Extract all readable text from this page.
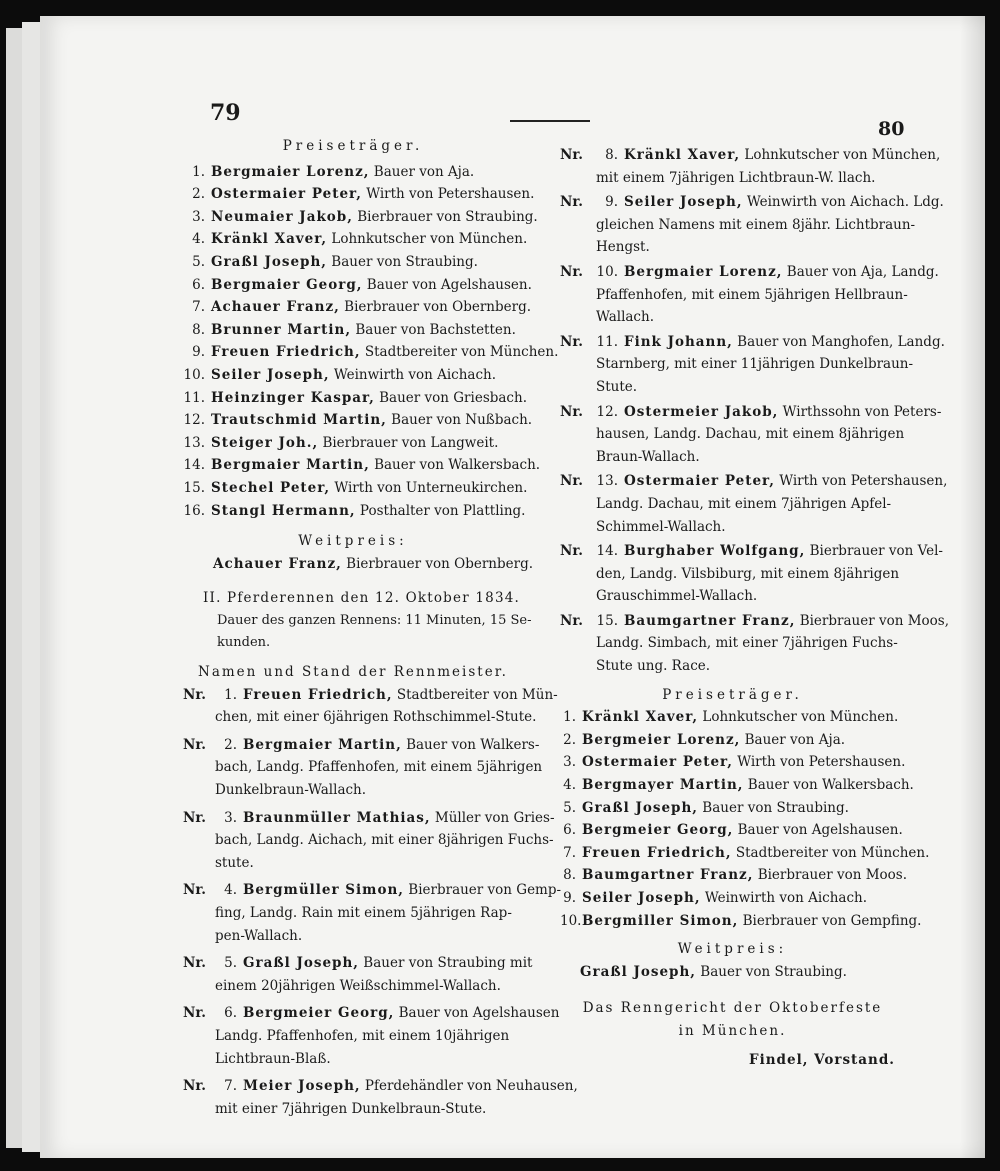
79
80
Preiseträger.
1. Bergmaier Lorenz, Bauer von Aja.
2. Ostermaier Peter, Wirth von Petershausen.
3. Neumaier Jakob, Bierbrauer von Straubing.
4. Kränkl Xaver, Lohnkutscher von München.
5. Graßl Joseph, Bauer von Straubing.
6. Bergmaier Georg, Bauer von Agelshausen.
7. Achauer Franz, Bierbrauer von Obernberg.
8. Brunner Martin, Bauer von Bachstetten.
9. Freuen Friedrich, Stadtbereiter von München.
10. Seiler Joseph, Weinwirth von Aichach.
11. Heinzinger Kaspar, Bauer von Griesbach.
12. Trautschmid Martin, Bauer von Nußbach.
13. Steiger Joh., Bierbrauer von Langweit.
14. Bergmaier Martin, Bauer von Walkersbach.
15. Stechel Peter, Wirth von Unterneukirchen.
16. Stangl Hermann, Posthalter von Plattling.
Weitpreis:
Achauer Franz, Bierbrauer von Obernberg.
II. Pferderennen den 12. Oktober 1834.
Dauer des ganzen Rennens: 11 Minuten, 15 Se-
kunden.
Namen und Stand der Rennmeister.
Nr.	1. Freuen Friedrich, Stadtbereiter von Mün-
chen, mit einer 6jährigen Rothschimmel-Stute.
Nr.	2. Bergmaier Martin, Bauer von Walkers-
bach, Landg. Pfaffenhofen, mit einem 5jährigen
Dunkelbraun-Wallach.
Nr.	3. Braunmüller Mathias, Müller von Gries-
bach, Landg. Aichach, mit einer 8jährigen Fuchs-
stute.
Nr.	4. Bergmüller Simon, Bierbrauer von Gemp-
fing, Landg. Rain mit einem 5jährigen Rap-
pen-Wallach.
Nr.	5. Graßl Joseph, Bauer von Straubing mit
einem 20jährigen Weißschimmel-Wallach.
Nr.	6. Bergmeier Georg, Bauer von Agelshausen
Landg. Pfaffenhofen, mit einem 10jährigen
Lichtbraun-Blaß.
Nr.	7. Meier Joseph, Pferdehändler von Neuhausen,
mit einer 7jährigen Dunkelbraun-Stute.
Nr.	8. Kränkl Xaver, Lohnkutscher von München,
mit einem 7jährigen Lichtbraun-W. llach.
Nr.	9. Seiler Joseph, Weinwirth von Aichach. Ldg.
gleichen Namens mit einem 8jähr. Lichtbraun-
Hengst.
Nr.	10. Bergmaier Lorenz, Bauer von Aja, Landg.
Pfaffenhofen, mit einem 5jährigen Hellbraun-
Wallach.
Nr.	11. Fink Johann, Bauer von Manghofen, Landg.
Starnberg, mit einer 11jährigen Dunkelbraun-
Stute.
Nr.	12. Ostermeier Jakob, Wirthssohn von Peters-
hausen, Landg. Dachau, mit einem 8jährigen
Braun-Wallach.
Nr.	13. Ostermaier Peter, Wirth von Petershausen,
Landg. Dachau, mit einem 7jährigen Apfel-
Schimmel-Wallach.
Nr.	14. Burghaber Wolfgang, Bierbrauer von Vel-
den, Landg. Vilsbiburg, mit einem 8jährigen
Grauschimmel-Wallach.
Nr.	15. Baumgartner Franz, Bierbrauer von Moos,
Landg. Simbach, mit einer 7jährigen Fuchs-
Stute ung. Race.
Preiseträger.
1. Kränkl Xaver, Lohnkutscher von München.
2. Bergmeier Lorenz, Bauer von Aja.
3. Ostermaier Peter, Wirth von Petershausen.
4. Bergmayer Martin, Bauer von Walkersbach.
5. Graßl Joseph, Bauer von Straubing.
6. Bergmeier Georg, Bauer von Agelshausen.
7. Freuen Friedrich, Stadtbereiter von München.
8. Baumgartner Franz, Bierbrauer von Moos.
9. Seiler Joseph, Weinwirth von Aichach.
10.Bergmiller Simon, Bierbrauer von Gempfing.
Weitpreis:
Graßl Joseph, Bauer von Straubing.
Das Renngericht der Oktoberfeste
in München.
Findel, Vorstand.
